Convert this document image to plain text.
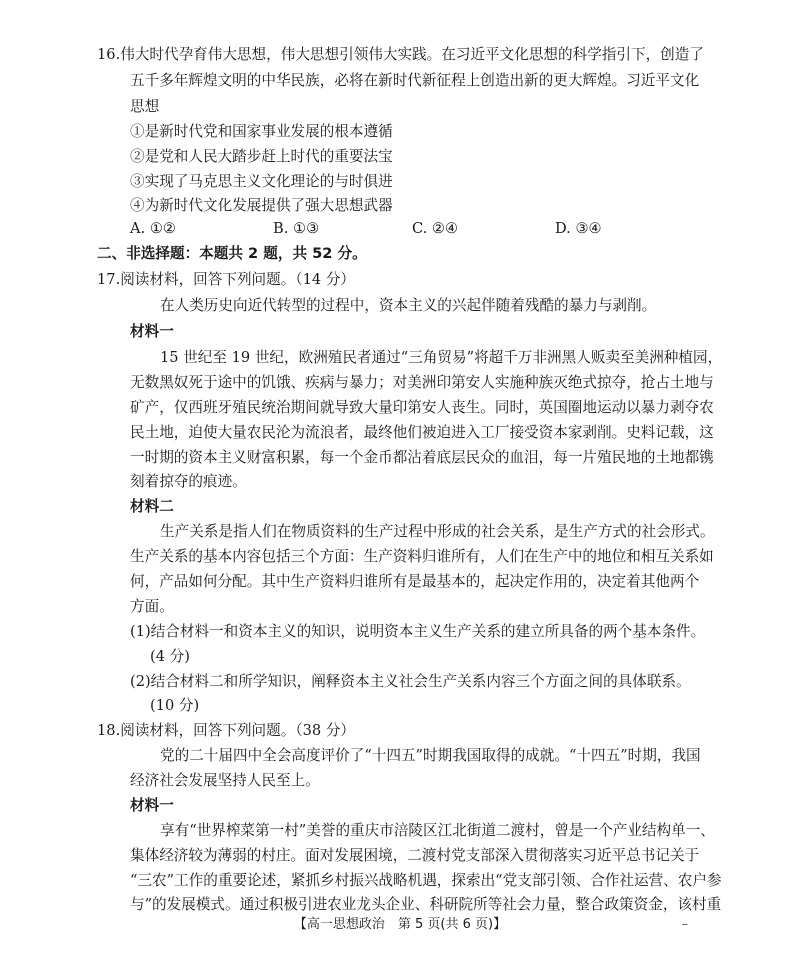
16.伟大时代孕育伟大思想，伟大思想引领伟大实践。在习近平文化思想的科学指引下，创造了
五千多年辉煌文明的中华民族，必将在新时代新征程上创造出新的更大辉煌。习近平文化
思想
①是新时代党和国家事业发展的根本遵循
②是党和人民大踏步赶上时代的重要法宝
③实现了马克思主义文化理论的与时俱进
④为新时代文化发展提供了强大思想武器
A. ①②	B. ①③	C. ②④	D. ③④
二、非选择题：本题共 2 题，共 52 分。
17.阅读材料，回答下列问题。（14 分）
在人类历史向近代转型的过程中，资本主义的兴起伴随着残酷的暴力与剥削。
材料一
15 世纪至 19 世纪，欧洲殖民者通过“三角贸易”将超千万非洲黑人贩卖至美洲种植园，
无数黑奴死于途中的饥饿、疾病与暴力；对美洲印第安人实施种族灭绝式掠夺，抢占土地与
矿产，仅西班牙殖民统治期间就导致大量印第安人丧生。同时，英国圈地运动以暴力剥夺农
民土地，迫使大量农民沦为流浪者，最终他们被迫进入工厂接受资本家剥削。史料记载，这
一时期的资本主义财富积累，每一个金币都沾着底层民众的血泪，每一片殖民地的土地都镌
刻着掠夺的痕迹。
材料二
生产关系是指人们在物质资料的生产过程中形成的社会关系，是生产方式的社会形式。
生产关系的基本内容包括三个方面：生产资料归谁所有，人们在生产中的地位和相互关系如
何，产品如何分配。其中生产资料归谁所有是最基本的，起决定作用的，决定着其他两个
方面。
(1)结合材料一和资本主义的知识，说明资本主义生产关系的建立所具备的两个基本条件。
(4 分)
(2)结合材料二和所学知识，阐释资本主义社会生产关系内容三个方面之间的具体联系。
(10 分)
18.阅读材料，回答下列问题。（38 分）
党的二十届四中全会高度评价了“十四五”时期我国取得的成就。“十四五”时期，我国
经济社会发展坚持人民至上。
材料一
享有“世界榨菜第一村”美誉的重庆市涪陵区江北街道二渡村，曾是一个产业结构单一、
集体经济较为薄弱的村庄。面对发展困境，二渡村党支部深入贯彻落实习近平总书记关于
“三农”工作的重要论述，紧抓乡村振兴战略机遇，探索出“党支部引领、合作社运营、农户参
与”的发展模式。通过积极引进农业龙头企业、科研院所等社会力量，整合政策资金，该村重
【高一思想政治　第 5 页(共 6 页)】	–
